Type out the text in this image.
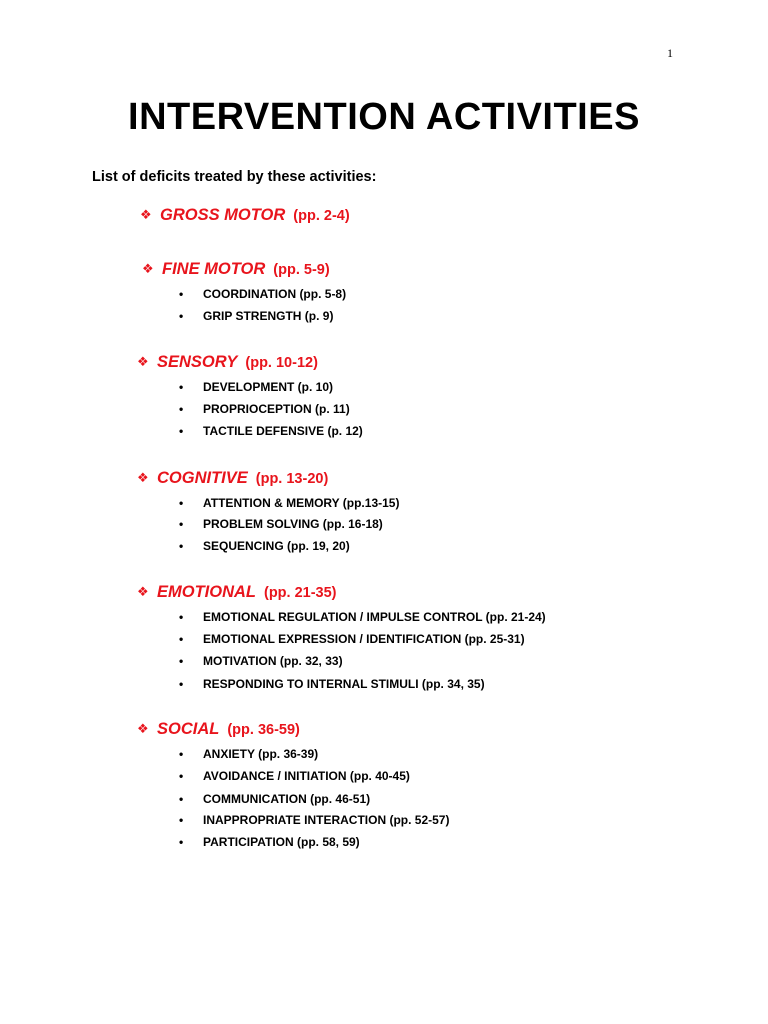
1
INTERVENTION ACTIVITIES
List of deficits treated by these activities:
❖ GROSS MOTOR (pp. 2-4)
❖ FINE MOTOR (pp. 5-9)
• COORDINATION (pp. 5-8)
• GRIP STRENGTH (p. 9)
❖ SENSORY (pp. 10-12)
• DEVELOPMENT (p. 10)
• PROPRIOCEPTION (p. 11)
• TACTILE DEFENSIVE (p. 12)
❖ COGNITIVE (pp. 13-20)
• ATTENTION & MEMORY (pp.13-15)
• PROBLEM SOLVING (pp. 16-18)
• SEQUENCING (pp. 19, 20)
❖ EMOTIONAL (pp. 21-35)
• EMOTIONAL REGULATION / IMPULSE CONTROL (pp. 21-24)
• EMOTIONAL EXPRESSION / IDENTIFICATION (pp. 25-31)
• MOTIVATION (pp. 32, 33)
• RESPONDING TO INTERNAL STIMULI (pp. 34, 35)
❖ SOCIAL (pp. 36-59)
• ANXIETY (pp. 36-39)
• AVOIDANCE / INITIATION (pp. 40-45)
• COMMUNICATION (pp. 46-51)
• INAPPROPRIATE INTERACTION (pp. 52-57)
• PARTICIPATION (pp. 58, 59)
